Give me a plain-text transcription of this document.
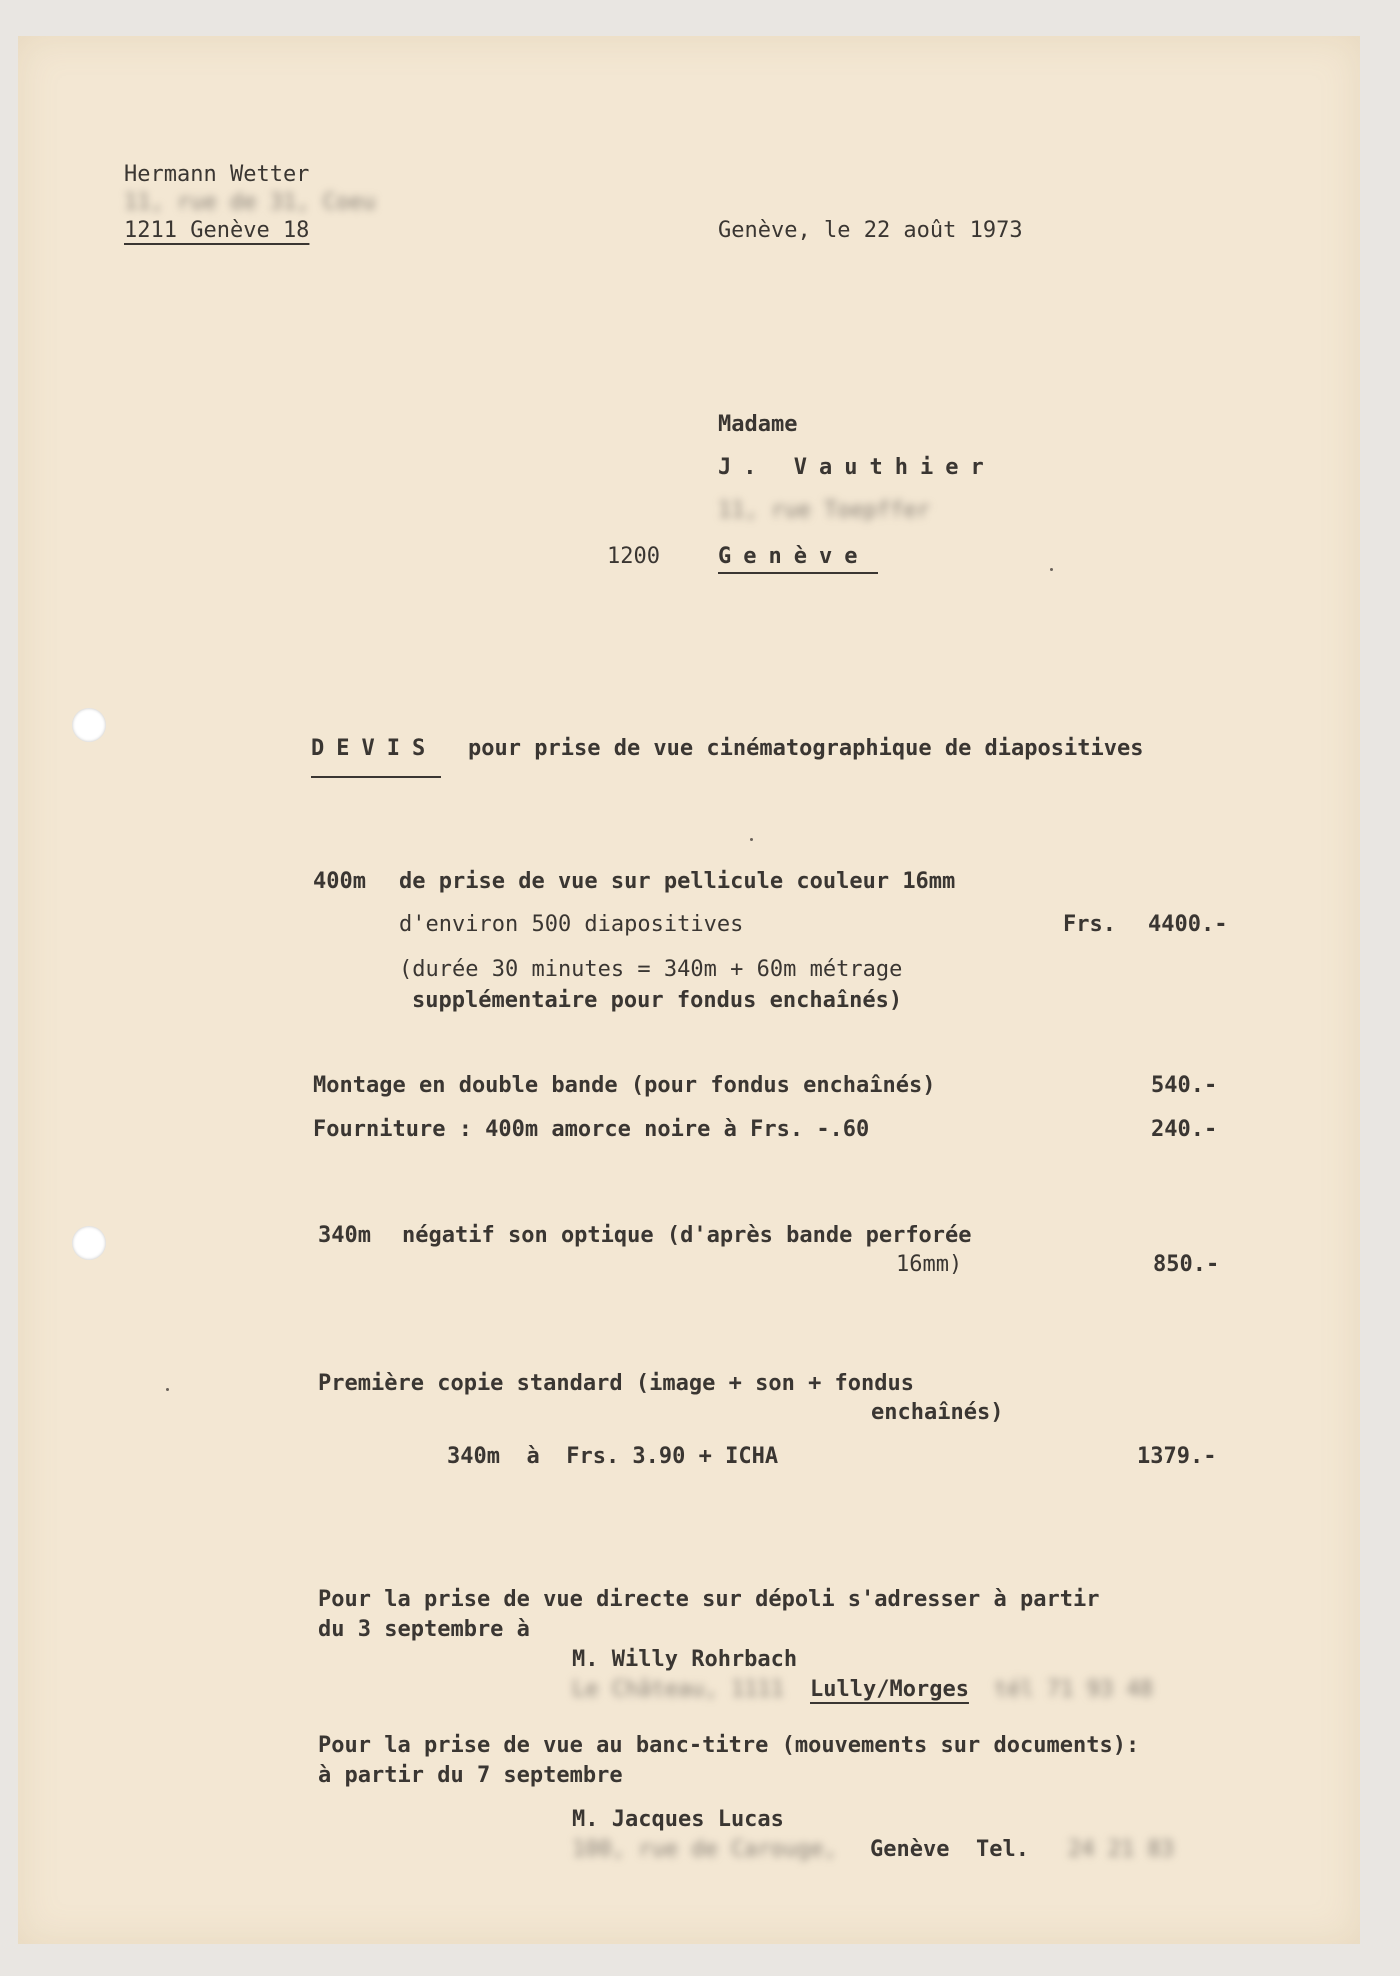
Hermann Wetter
11, rue de 31, Coeu
1211 Genève 18	Genève, le 22 août 1973
Madame
J. Vauthier
11, rue Toepffer
1200	Genève
DEVIS pour prise de vue cinématographique de diapositives
400m de prise de vue sur pellicule couleur 16mm
d'environ 500 diapositives	Frs. 4400.-
(durée 30 minutes = 340m + 60m métrage
supplémentaire pour fondus enchaînés)
Montage en double bande (pour fondus enchaînés)	540.-
Fourniture : 400m amorce noire à Frs. -.60	240.-
340m négatif son optique (d'après bande perforée
16mm)	850.-
Première copie standard (image + son + fondus
enchaînés)
340m  à  Frs. 3.90 + ICHA	1379.-
Pour la prise de vue directe sur dépoli s'adresser à partir
du 3 septembre à
M. Willy Rohrbach
Le Château, 1111 Lully/Morges tél 71 93 48
Pour la prise de vue au banc-titre (mouvements sur documents):
à partir du 7 septembre
M. Jacques Lucas
100, rue de Carouge, Genève  Tel. 24 21 83
